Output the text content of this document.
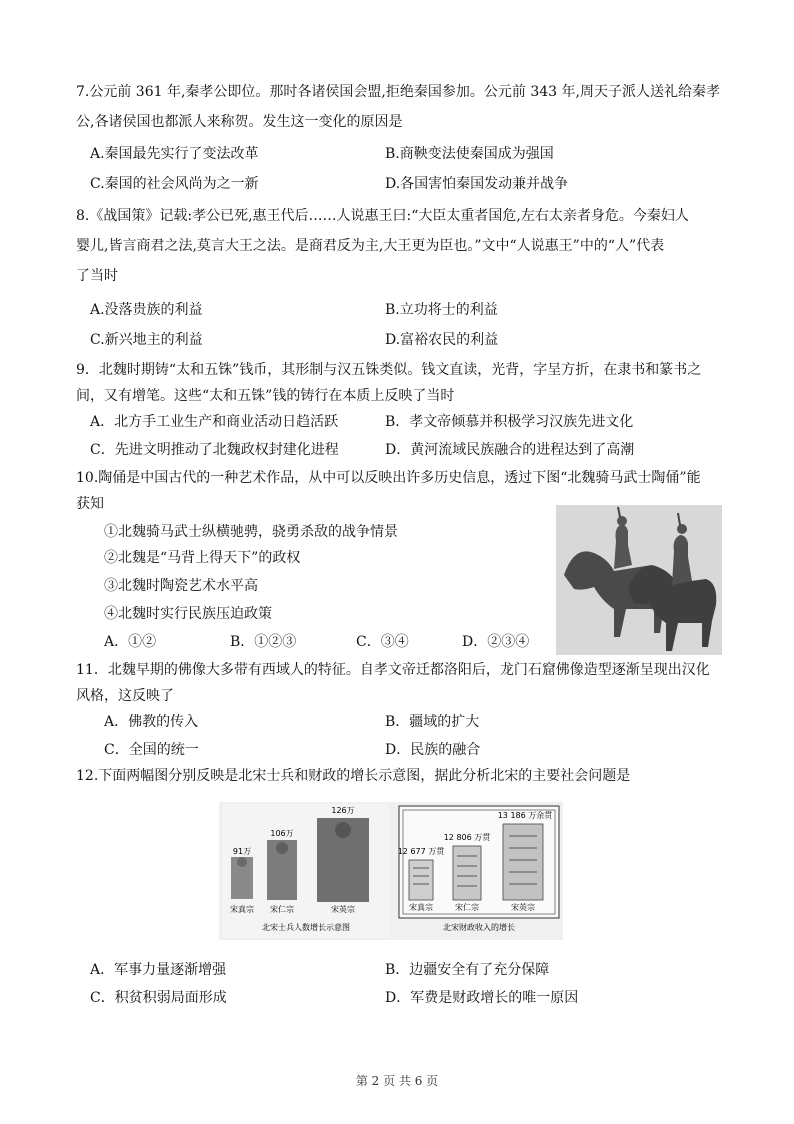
7.公元前 361 年,秦孝公即位。那时各诸侯国会盟,拒绝秦国参加。公元前 343 年,周天子派人送礼给秦孝
公,各诸侯国也都派人来称贺。发生这一变化的原因是
A.秦国最先实行了变法改革	B.商鞅变法使秦国成为强国
C.秦国的社会风尚为之一新	D.各国害怕秦国发动兼并战争
8.《战国策》记载:孝公已死,惠王代后……人说惠王曰:“大臣太重者国危,左右太亲者身危。今秦妇人
婴儿,皆言商君之法,莫言大王之法。是商君反为主,大王更为臣也。”文中“人说惠王”中的“人”代表
了当时
A.没落贵族的利益	B.立功将士的利益
C.新兴地主的利益	D.富裕农民的利益
9．北魏时期铸“太和五铢”钱币，其形制与汉五铢类似。钱文直读，光背，字呈方折，在隶书和篆书之
间，又有增笔。这些“太和五铢”钱的铸行在本质上反映了当时
A．北方手工业生产和商业活动日趋活跃	B．孝文帝倾慕并积极学习汉族先进文化
C．先进文明推动了北魏政权封建化进程	D．黄河流域民族融合的进程达到了高潮
10.陶俑是中国古代的一种艺术作品，从中可以反映出许多历史信息，透过下图“北魏骑马武士陶俑”能
获知
①北魏骑马武士纵横驰骋，骁勇杀敌的战争情景
②北魏是“马背上得天下”的政权
③北魏时陶瓷艺术水平高
④北魏时实行民族压迫政策
A．①②	B．①②③	C．③④	D．②③④
11．北魏早期的佛像大多带有西域人的特征。自孝文帝迁都洛阳后，龙门石窟佛像造型逐渐呈现出汉化
风格，这反映了
A．佛教的传入	B．疆域的扩大
C．全国的统一	D．民族的融合
12.下面两幅图分别反映是北宋士兵和财政的增长示意图，据此分析北宋的主要社会问题是
91万
106万
126万
宋真宗 宋仁宗	宋英宗
北宋士兵人数增长示意图
12 677 万贯
12 806 万贯
13 186 万余贯
宋真宗	宋仁宗	宋英宗
北宋财政收入的增长
A．军事力量逐渐增强	B．边疆安全有了充分保障
C．积贫积弱局面形成	D．军费是财政增长的唯一原因
第 2 页 共 6 页
